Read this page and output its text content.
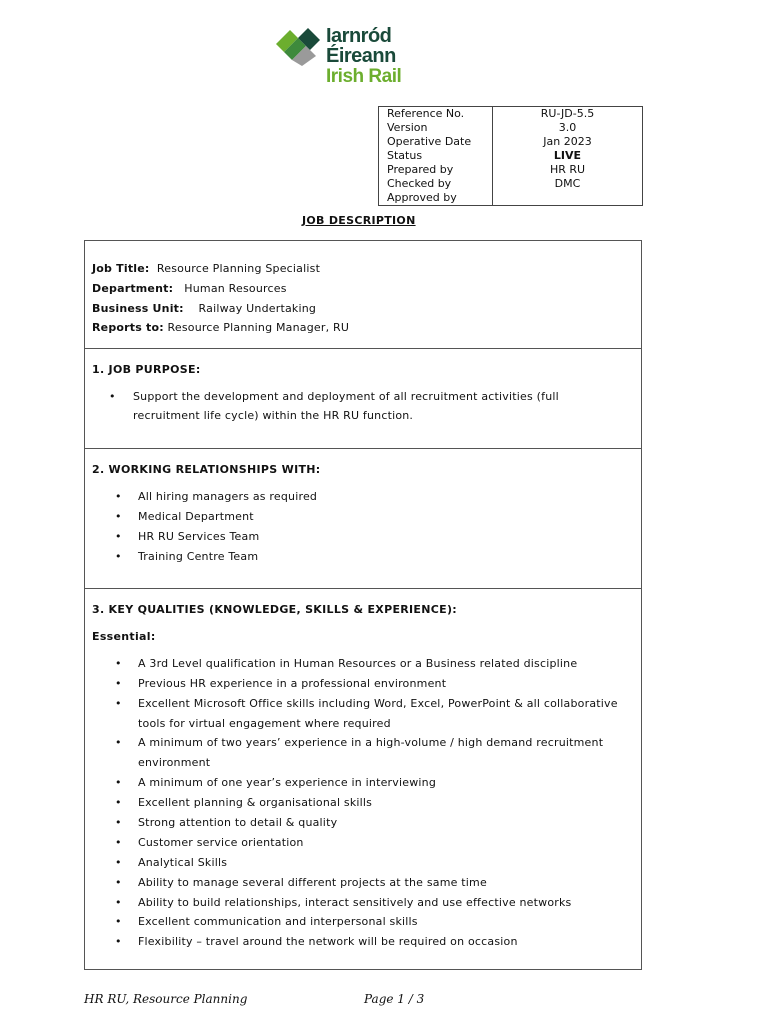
Iarnród Éireann
Irish Rail
Reference No.	RU-JD-5.5
Version	3.0
Operative Date	Jan 2023
Status	LIVE
Prepared by	HR RU
Checked by	DMC
Approved by	
JOB DESCRIPTION
Job Title: Resource Planning Specialist
Department: Human Resources
Business Unit: Railway Undertaking
Reports to: Resource Planning Manager, RU
1. JOB PURPOSE:
• Support the development and deployment of all recruitment activities (full
recruitment life cycle) within the HR RU function.
2. WORKING RELATIONSHIPS WITH:
• All hiring managers as required
• Medical Department
• HR RU Services Team
• Training Centre Team
3. KEY QUALITIES (KNOWLEDGE, SKILLS & EXPERIENCE):
Essential:
• A 3rd Level qualification in Human Resources or a Business related discipline
• Previous HR experience in a professional environment
• Excellent Microsoft Office skills including Word, Excel, PowerPoint & all collaborative
tools for virtual engagement where required
• A minimum of two years’ experience in a high-volume / high demand recruitment
environment
• A minimum of one year’s experience in interviewing
• Excellent planning & organisational skills
• Strong attention to detail & quality
• Customer service orientation
• Analytical Skills
• Ability to manage several different projects at the same time
• Ability to build relationships, interact sensitively and use effective networks
• Excellent communication and interpersonal skills
• Flexibility – travel around the network will be required on occasion
HR RU, Resource Planning	Page 1 / 3
